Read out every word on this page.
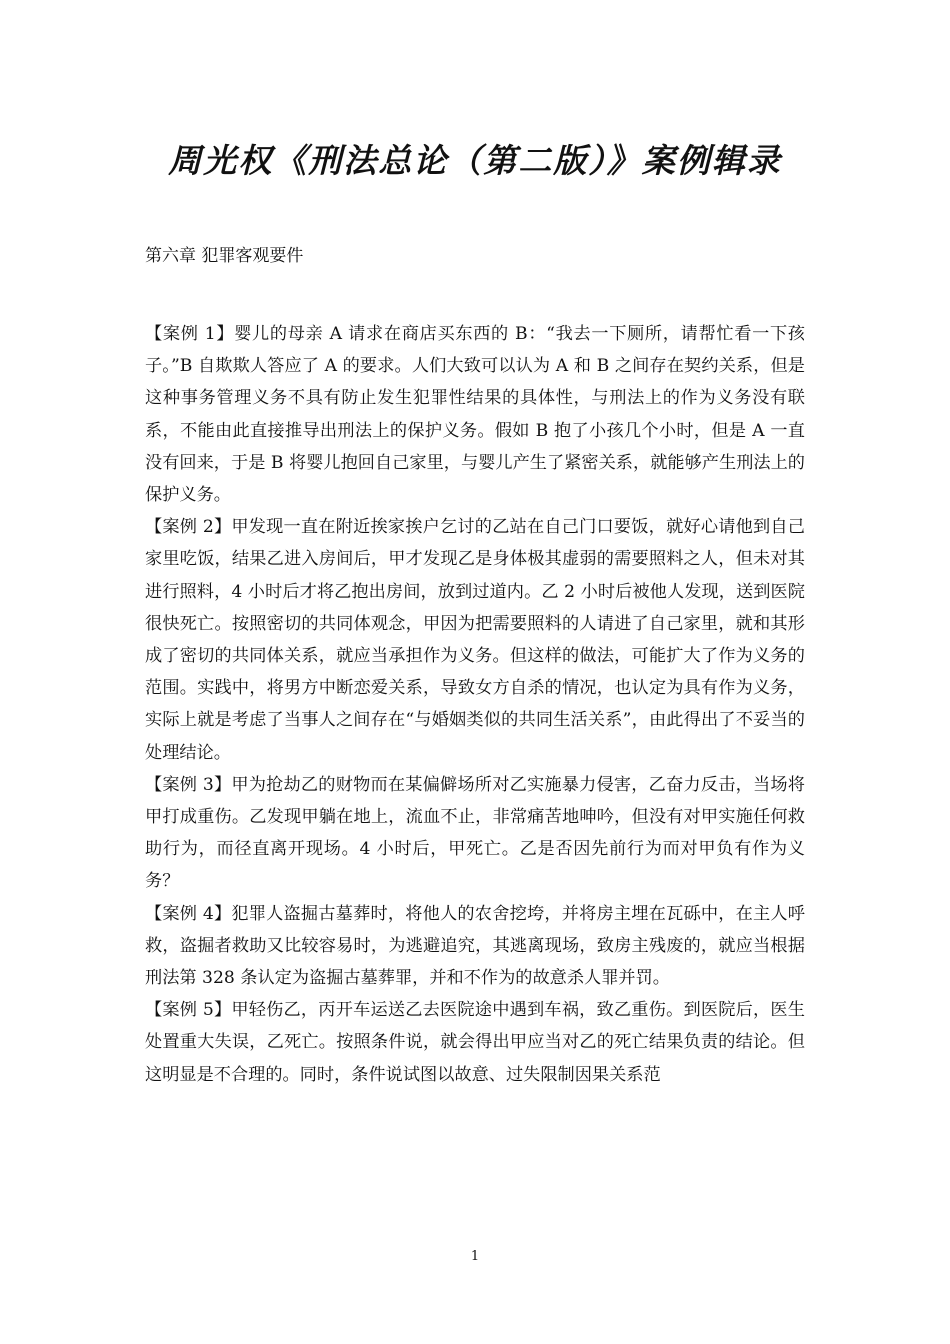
周光权《刑法总论（第二版）》案例辑录
第六章 犯罪客观要件

【案例 1】婴儿的母亲 A 请求在商店买东西的 B：“我去一下厕所，请帮忙看一下孩子。”B 自欺欺人答应了 A 的要求。人们大致可以认为 A 和 B 之间存在契约关系，但是这种事务管理义务不具有防止发生犯罪性结果的具体性，与刑法上的作为义务没有联系，不能由此直接推导出刑法上的保护义务。假如 B 抱了小孩几个小时，但是 A 一直没有回来，于是 B 将婴儿抱回自己家里，与婴儿产生了紧密关系，就能够产生刑法上的保护义务。

【案例 2】甲发现一直在附近挨家挨户乞讨的乙站在自己门口要饭，就好心请他到自己家里吃饭，结果乙进入房间后，甲才发现乙是身体极其虚弱的需要照料之人，但未对其进行照料，4 小时后才将乙抱出房间，放到过道内。乙 2 小时后被他人发现，送到医院很快死亡。按照密切的共同体观念，甲因为把需要照料的人请进了自己家里，就和其形成了密切的共同体关系，就应当承担作为义务。但这样的做法，可能扩大了作为义务的范围。实践中，将男方中断恋爱关系，导致女方自杀的情况，也认定为具有作为义务，实际上就是考虑了当事人之间存在“与婚姻类似的共同生活关系”，由此得出了不妥当的处理结论。

【案例 3】甲为抢劫乙的财物而在某偏僻场所对乙实施暴力侵害，乙奋力反击，当场将甲打成重伤。乙发现甲躺在地上，流血不止，非常痛苦地呻吟，但没有对甲实施任何救助行为，而径直离开现场。4 小时后，甲死亡。乙是否因先前行为而对甲负有作为义务？

【案例 4】犯罪人盗掘古墓葬时，将他人的农舍挖垮，并将房主埋在瓦砾中，在主人呼救，盗掘者救助又比较容易时，为逃避追究，其逃离现场，致房主残废的，就应当根据刑法第 328 条认定为盗掘古墓葬罪，并和不作为的故意杀人罪并罚。

【案例 5】甲轻伤乙，丙开车运送乙去医院途中遇到车祸，致乙重伤。到医院后，医生处置重大失误，乙死亡。按照条件说，就会得出甲应当对乙的死亡结果负责的结论。但这明显是不合理的。同时，条件说试图以故意、过失限制因果关系范

1
